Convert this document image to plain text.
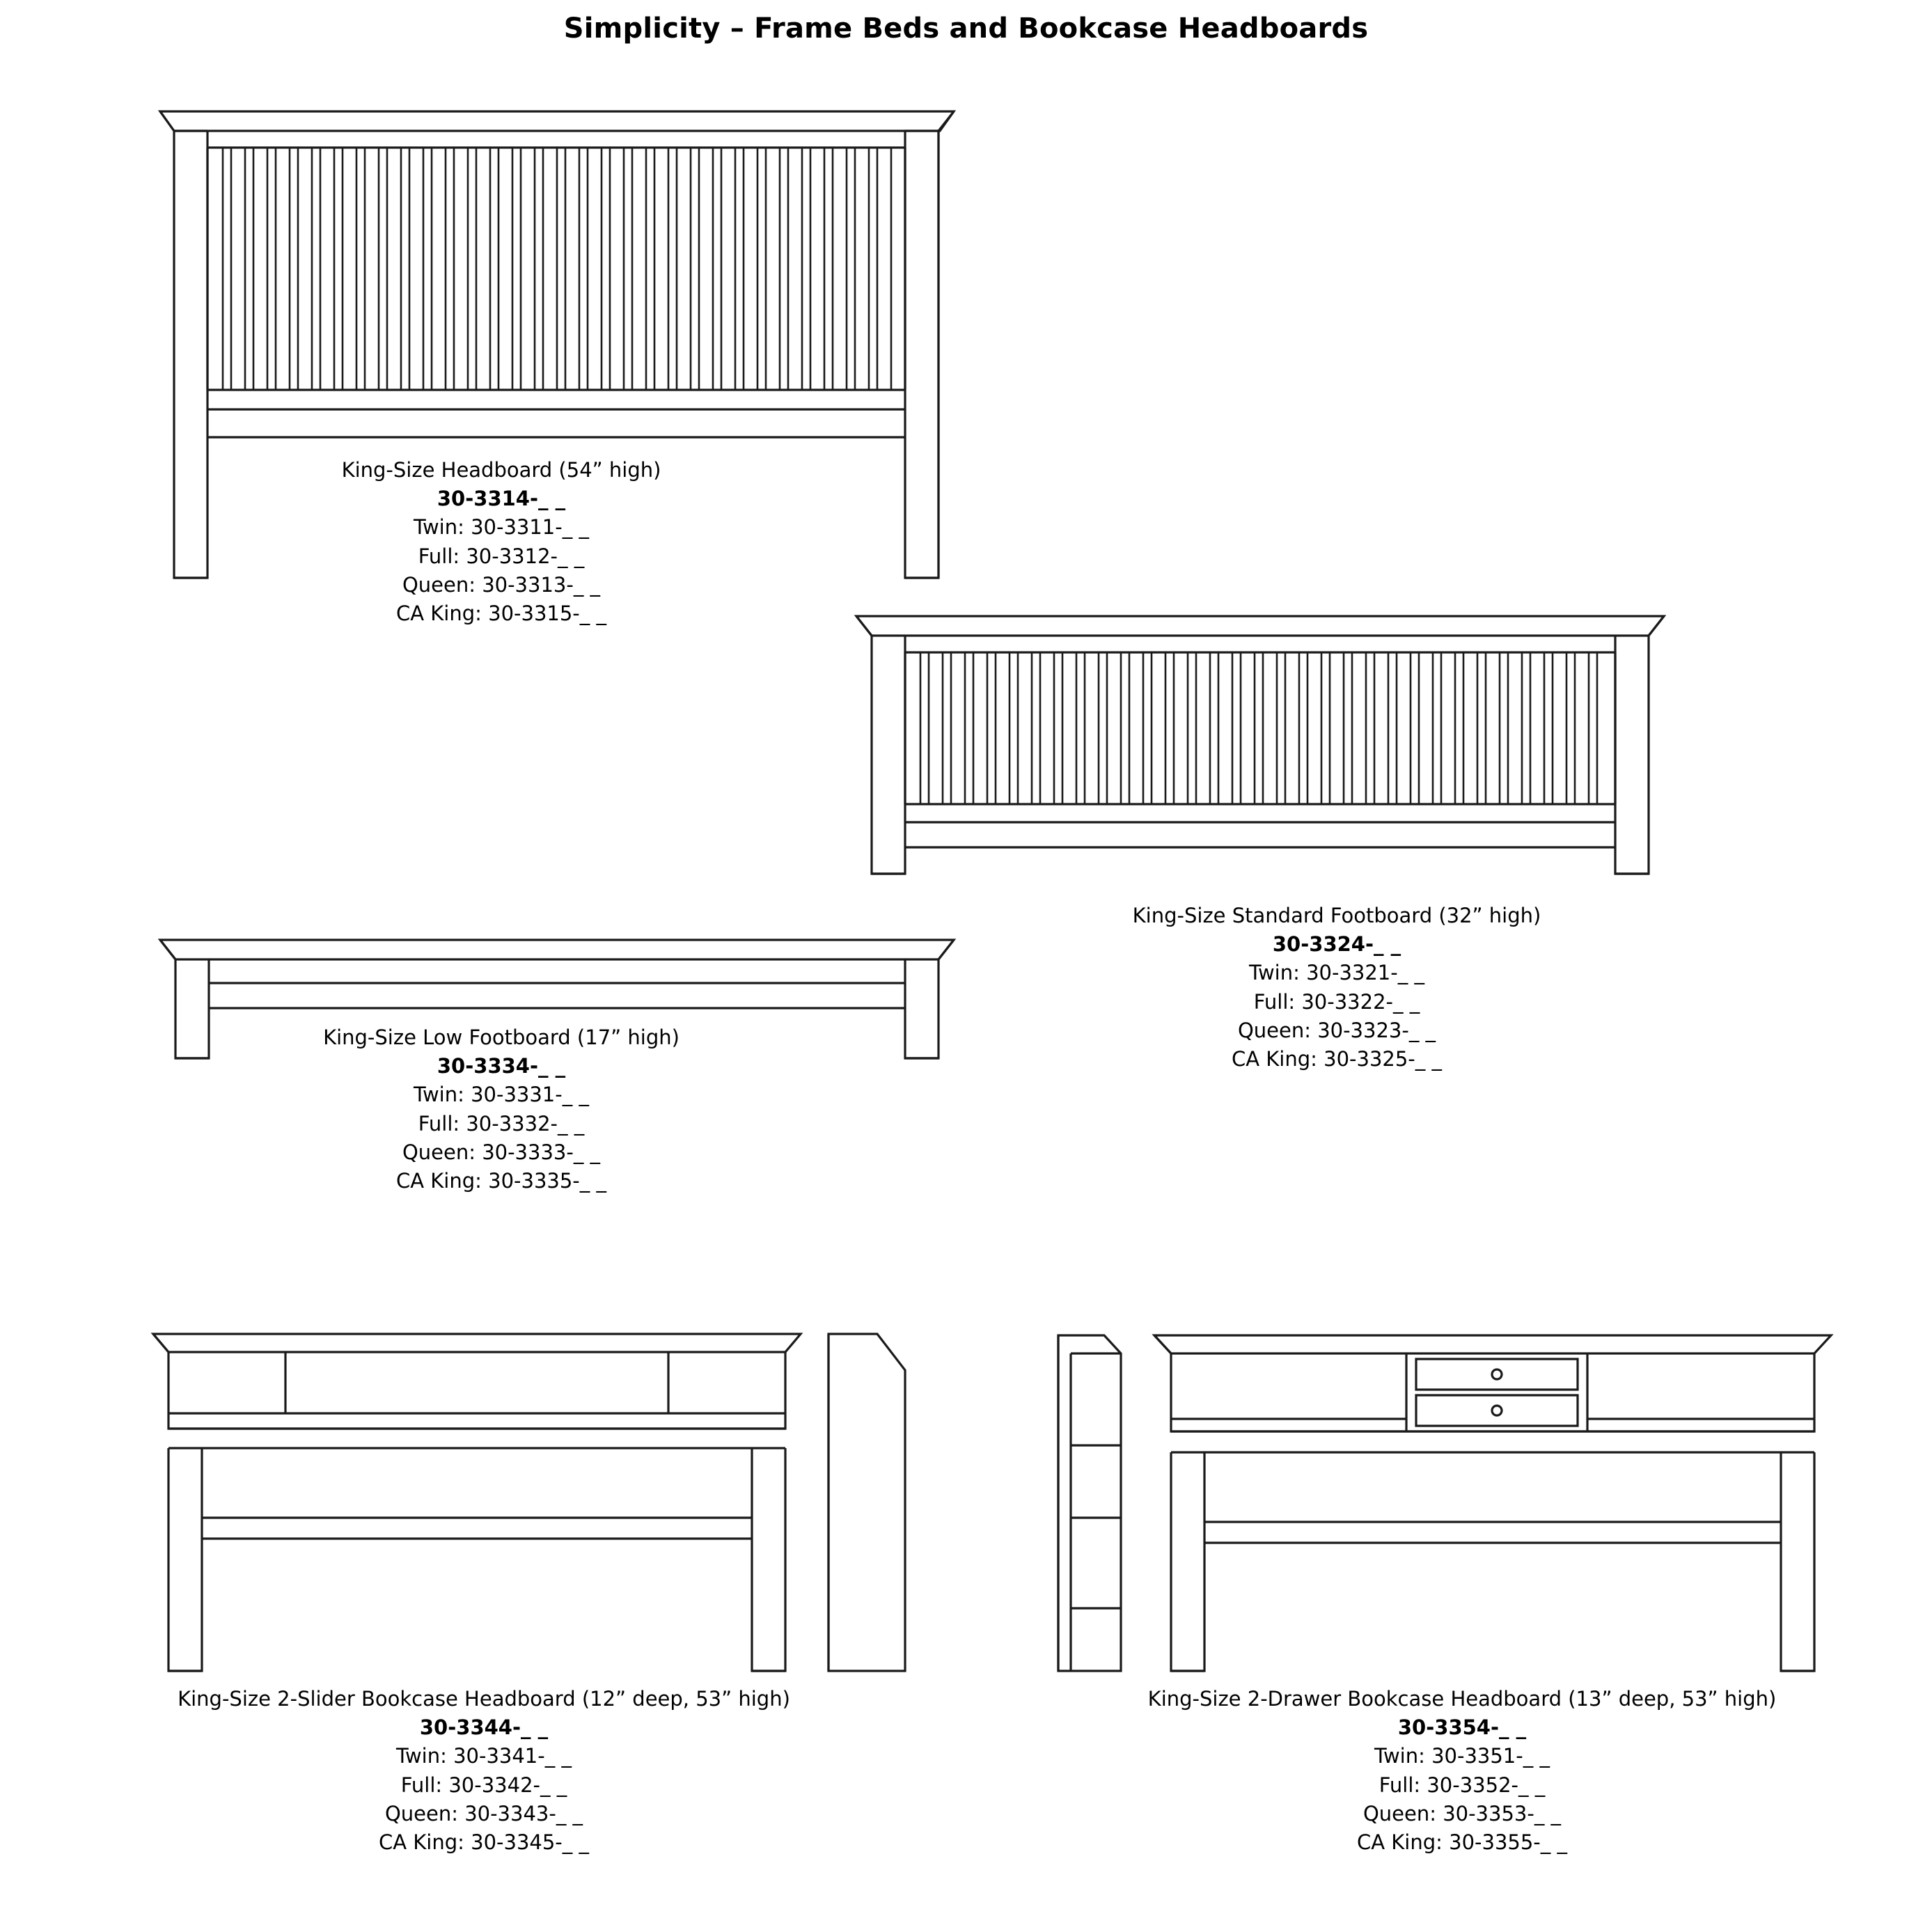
Simplicity – Frame Beds and Bookcase Headboards
King-Size Headboard (54” high)
30-3314-_ _
Twin: 30-3311-_ _
Full: 30-3312-_ _
Queen: 30-3313-_ _
CA King: 30-3315-_ _
King-Size Standard Footboard (32” high)
30-3324-_ _
Twin: 30-3321-_ _
Full: 30-3322-_ _
Queen: 30-3323-_ _
CA King: 30-3325-_ _
King-Size Low Footboard (17” high)
30-3334-_ _
Twin: 30-3331-_ _
Full: 30-3332-_ _
Queen: 30-3333-_ _
CA King: 30-3335-_ _
King-Size 2-Slider Bookcase Headboard (12” deep, 53” high)
30-3344-_ _
Twin: 30-3341-_ _
Full: 30-3342-_ _
Queen: 30-3343-_ _
CA King: 30-3345-_ _
King-Size 2-Drawer Bookcase Headboard (13” deep, 53” high)
30-3354-_ _
Twin: 30-3351-_ _
Full: 30-3352-_ _
Queen: 30-3353-_ _
CA King: 30-3355-_ _
